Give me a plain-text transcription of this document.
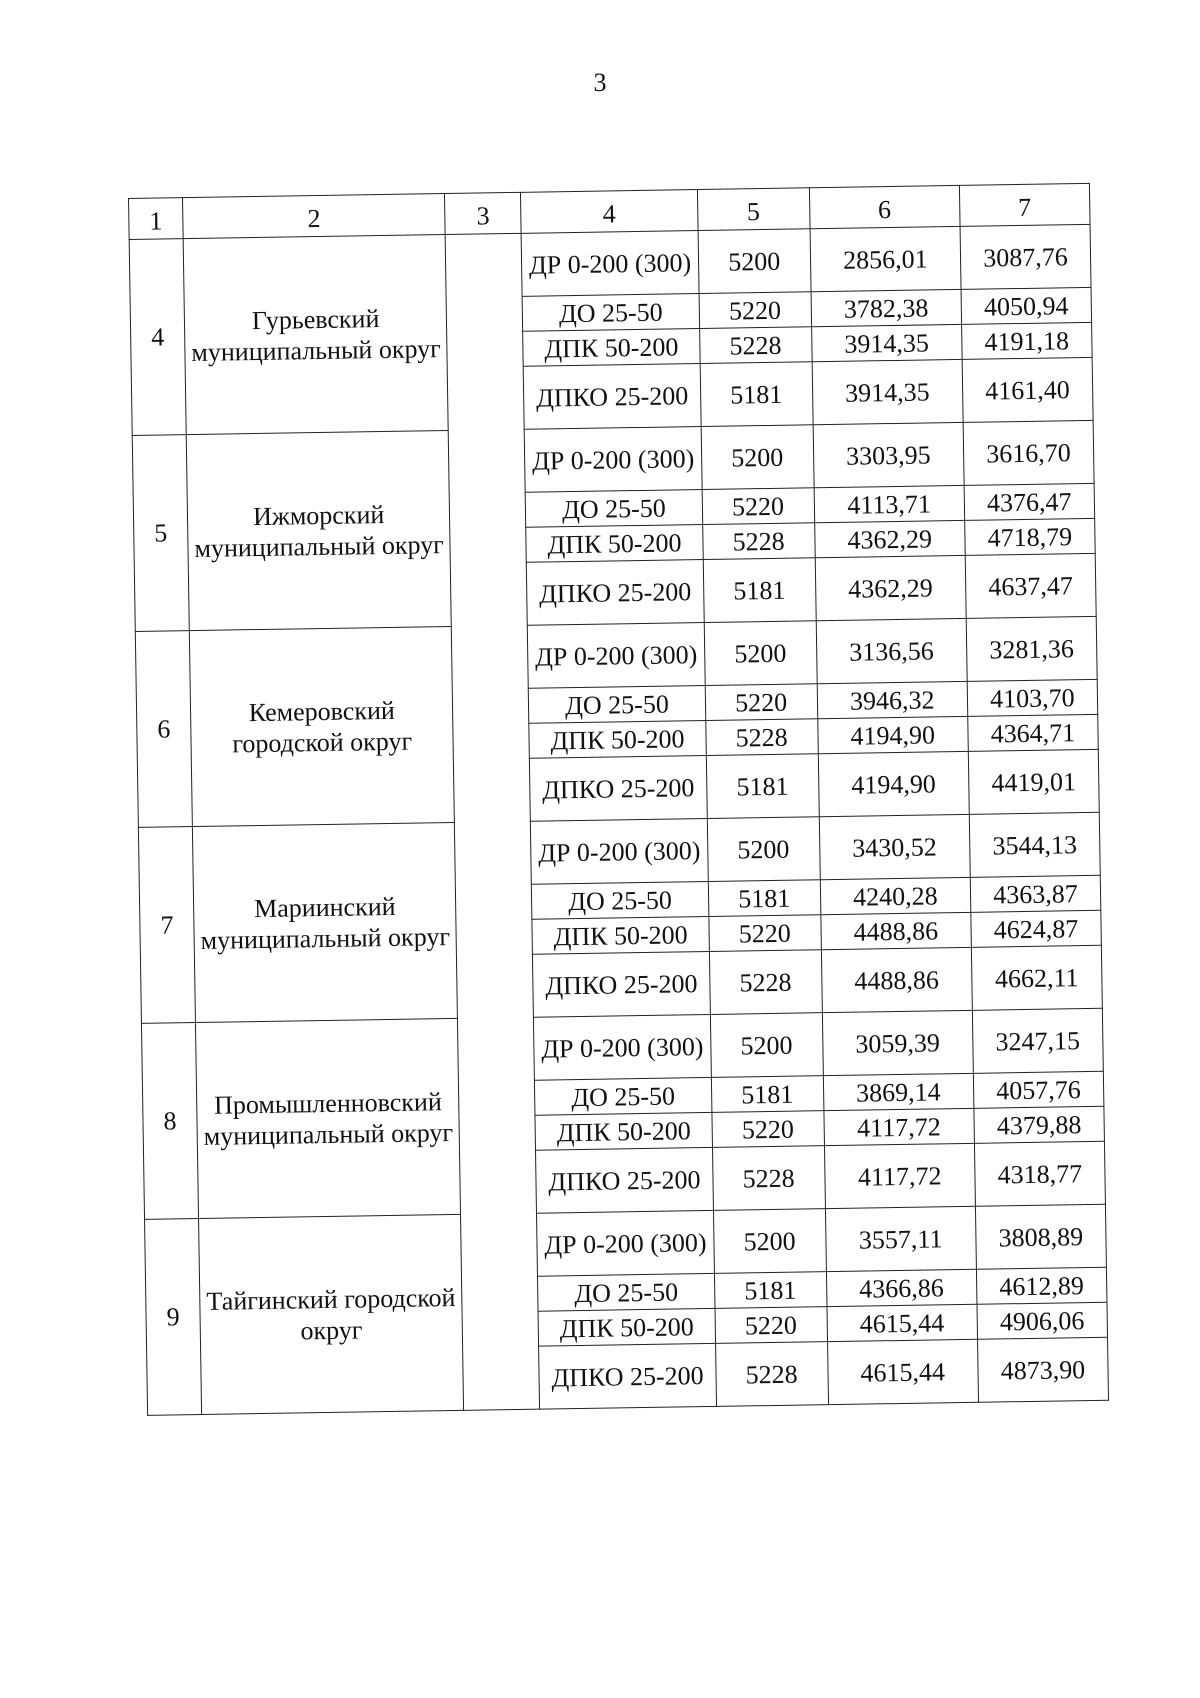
3
1	2	3	4	5	6	7
4	Гурьевский муниципальный округ		ДР 0-200 (300)	5200	2856,01	3087,76
			ДО 25-50	5220	3782,38	4050,94
			ДПК 50-200	5228	3914,35	4191,18
			ДПКО 25-200	5181	3914,35	4161,40
5	Ижморский муниципальный округ		ДР 0-200 (300)	5200	3303,95	3616,70
			ДО 25-50	5220	4113,71	4376,47
			ДПК 50-200	5228	4362,29	4718,79
			ДПКО 25-200	5181	4362,29	4637,47
6	Кемеровский городской округ		ДР 0-200 (300)	5200	3136,56	3281,36
			ДО 25-50	5220	3946,32	4103,70
			ДПК 50-200	5228	4194,90	4364,71
			ДПКО 25-200	5181	4194,90	4419,01
7	Мариинский муниципальный округ		ДР 0-200 (300)	5200	3430,52	3544,13
			ДО 25-50	5181	4240,28	4363,87
			ДПК 50-200	5220	4488,86	4624,87
			ДПКО 25-200	5228	4488,86	4662,11
8	Промышленновский муниципальный округ		ДР 0-200 (300)	5200	3059,39	3247,15
			ДО 25-50	5181	3869,14	4057,76
			ДПК 50-200	5220	4117,72	4379,88
			ДПКО 25-200	5228	4117,72	4318,77
9	Тайгинский городской округ		ДР 0-200 (300)	5200	3557,11	3808,89
			ДО 25-50	5181	4366,86	4612,89
			ДПК 50-200	5220	4615,44	4906,06
			ДПКО 25-200	5228	4615,44	4873,90
